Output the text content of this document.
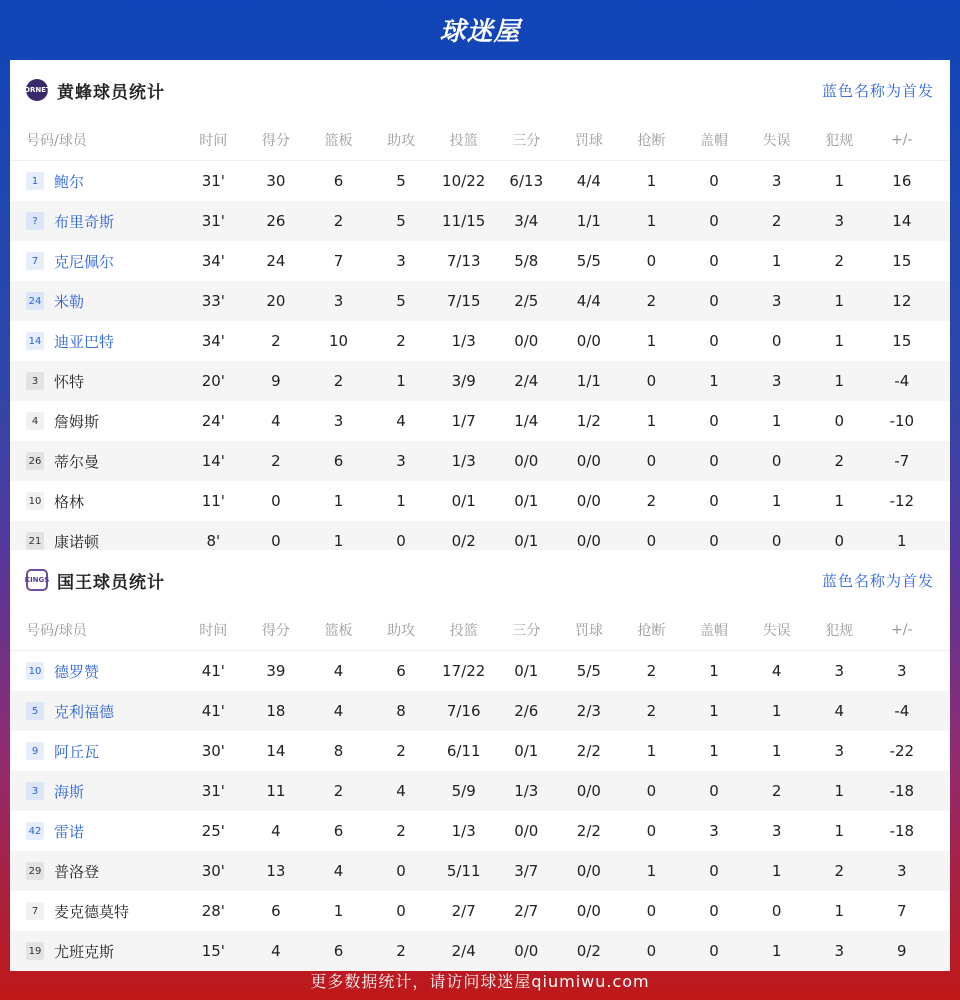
球迷屋
HORNETS 黄蜂球员统计	蓝色名称为首发
号码/球员	时间	得分	篮板	助攻	投篮	三分	罚球	抢断	盖帽	失误	犯规	+/-
1	鲍尔	31'	30	6	5	10/22	6/13	4/4	1	0	3	1	16
?	布里奇斯	31'	26	2	5	11/15	3/4	1/1	1	0	2	3	14
7	克尼佩尔	34'	24	7	3	7/13	5/8	5/5	0	0	1	2	15
24 米勒	33'	20	3	5	7/15	2/5	4/4	2	0	3	1	12
14 迪亚巴特	34'	2	10	2	1/3	0/0	0/0	1	0	0	1	15
3	怀特	20'	9	2	1	3/9	2/4	1/1	0	1	3	1	-4
4	詹姆斯	24'	4	3	4	1/7	1/4	1/2	1	0	1	0	-10
26 蒂尔曼	14'	2	6	3	1/3	0/0	0/0	0	0	0	2	-7
10 格林	11'	0	1	1	0/1	0/1	0/0	2	0	1	1	-12
21 康诺顿	8'	0	1	0	0/2	0/1	0/0	0	0	0	0	1
KINGS 国王球员统计	蓝色名称为首发
号码/球员	时间	得分	篮板	助攻	投篮	三分	罚球	抢断	盖帽	失误	犯规	+/-
10 德罗赞	41'	39	4	6	17/22	0/1	5/5	2	1	4	3	3
5	克利福德	41'	18	4	8	7/16	2/6	2/3	2	1	1	4	-4
9	阿丘瓦	30'	14	8	2	6/11	0/1	2/2	1	1	1	3	-22
3	海斯	31'	11	2	4	5/9	1/3	0/0	0	0	2	1	-18
42 雷诺	25'	4	6	2	1/3	0/0	2/2	0	3	3	1	-18
29 普洛登	30'	13	4	0	5/11	3/7	0/0	1	0	1	2	3
7	麦克德莫特	28'	6	1	0	2/7	2/7	0/0	0	0	0	1	7
19 尤班克斯	15'	4	6	2	2/4	0/0	0/2	0	0	1	3	9
更多数据统计，请访问球迷屋qiumiwu.com
